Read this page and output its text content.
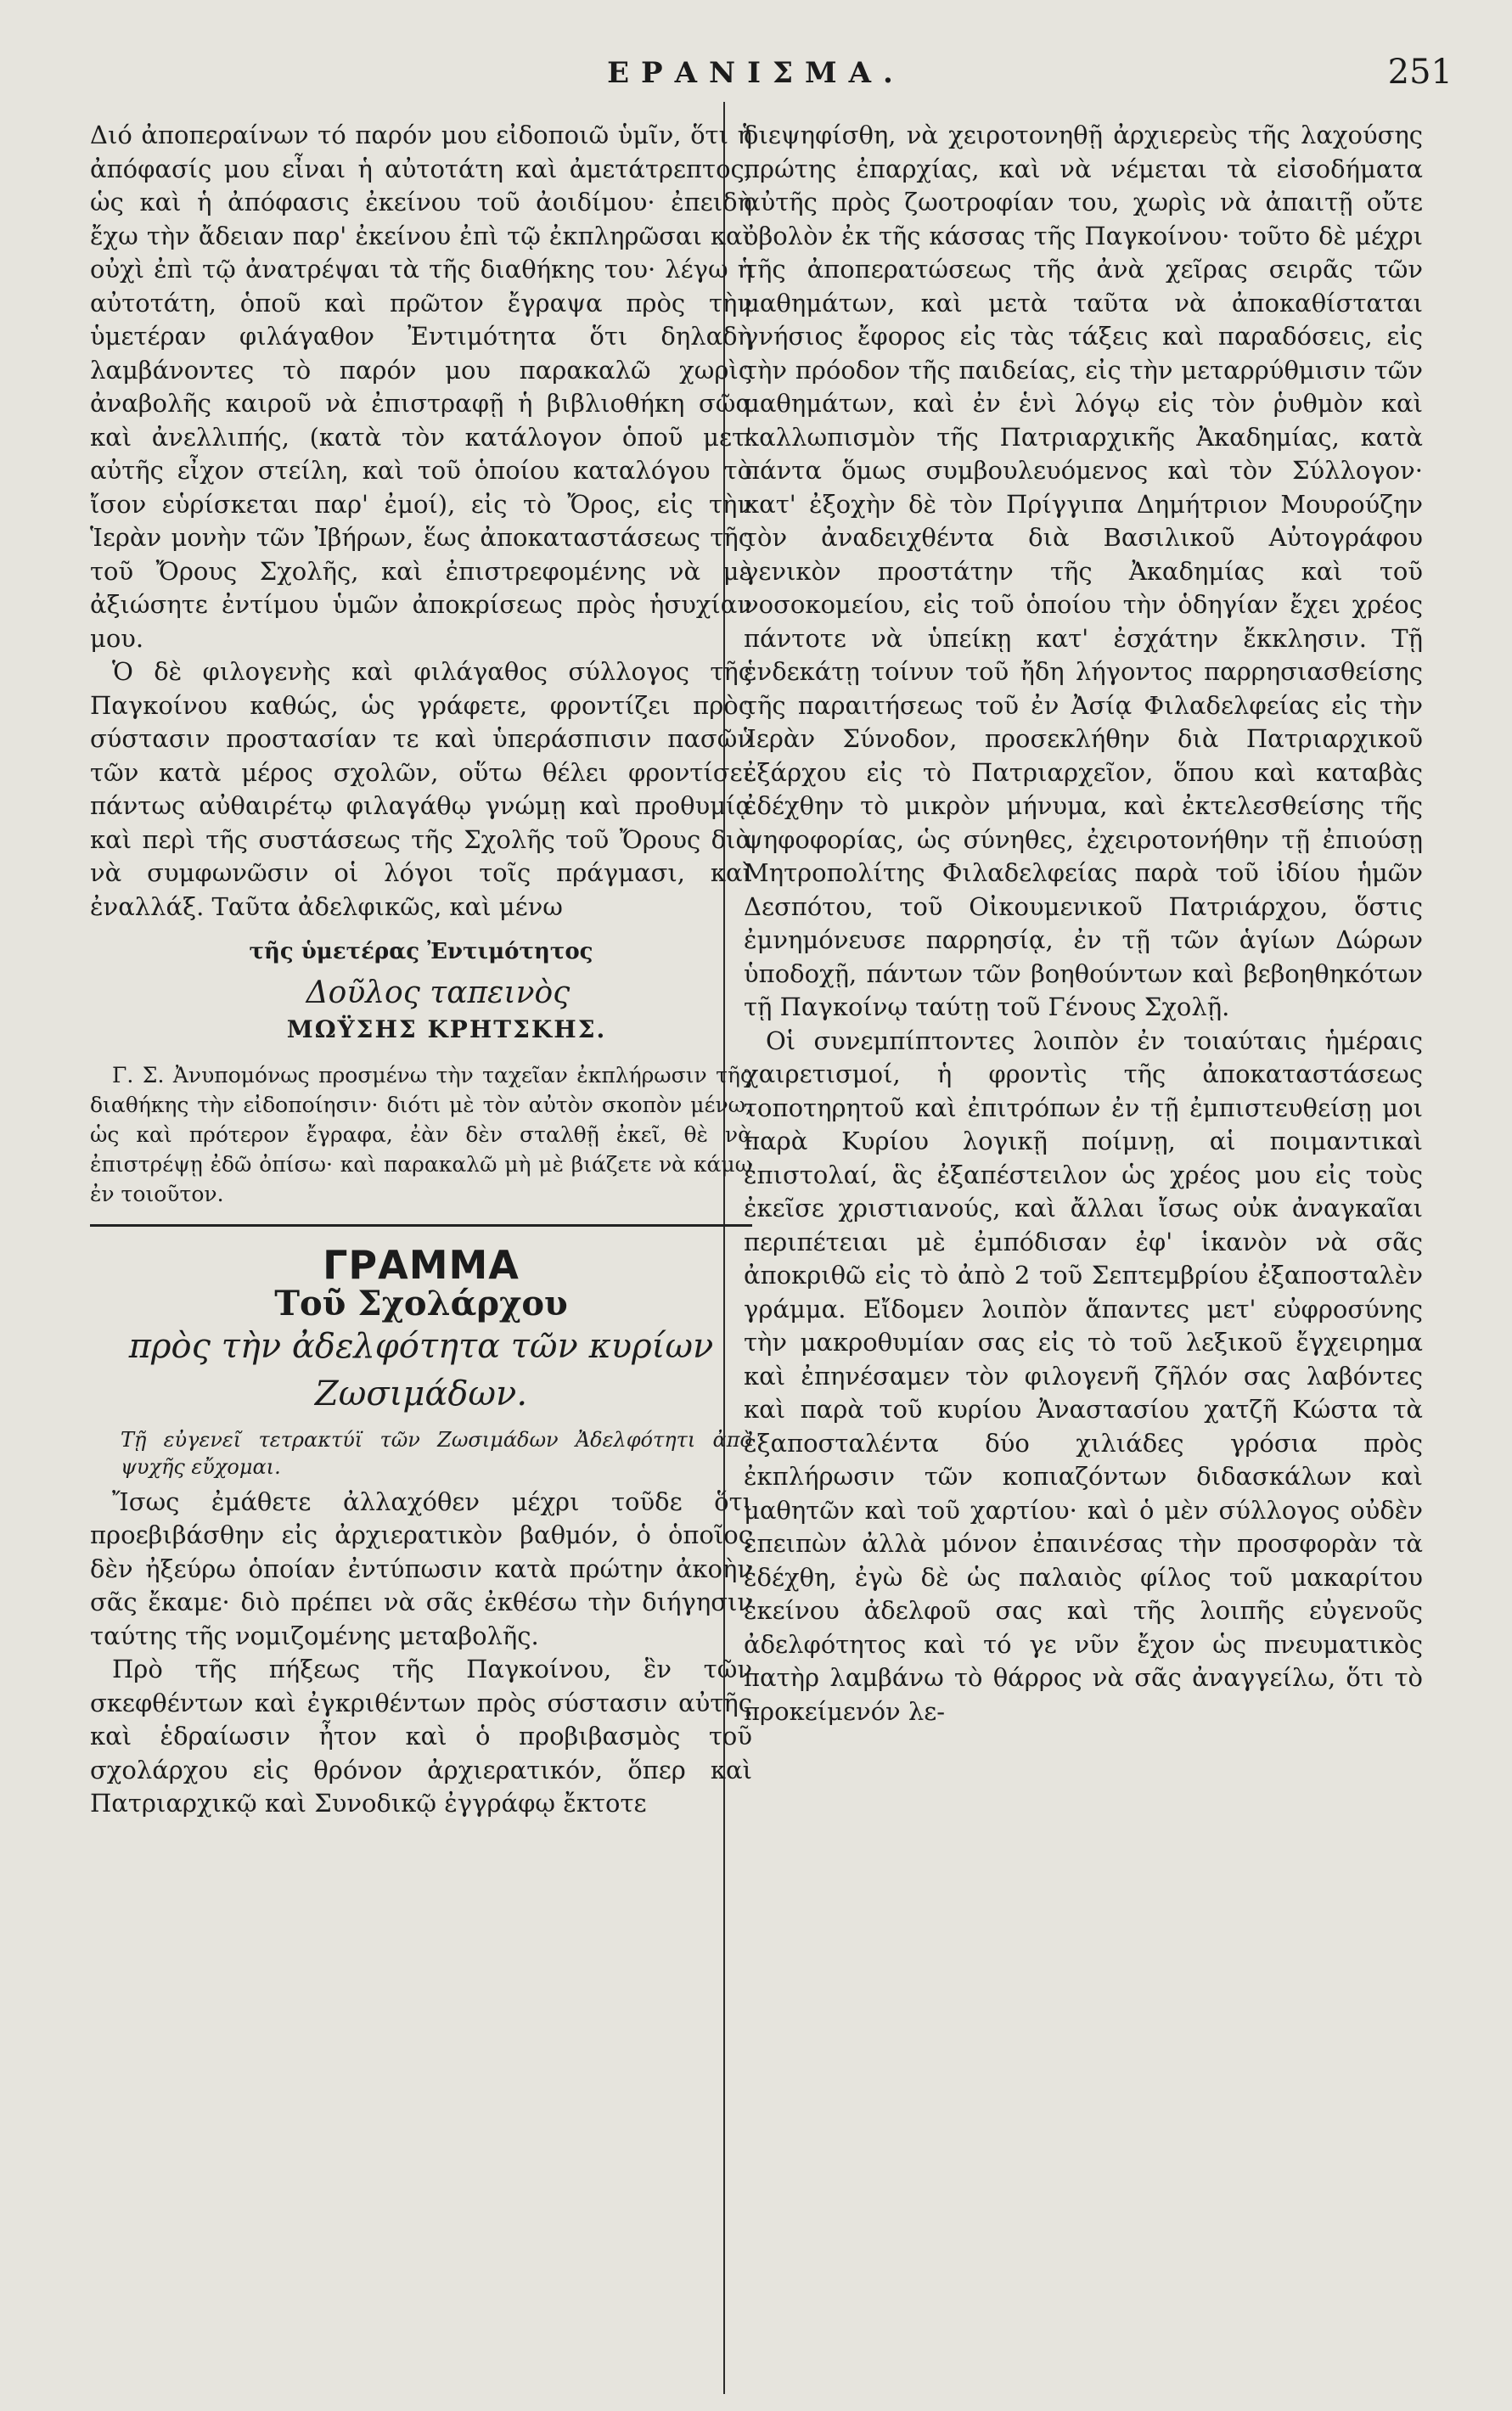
ΕΡΑΝΙΣΜΑ.	251

Διό ἀποπεραίνων τό παρόν μου εἰδοποιῶ ὑμῖν, ὅτι ἡ ἀπόφασίς μου εἶναι ἡ αὐτοτάτη καὶ ἀμετάτρεπτος, ὡς καὶ ἡ ἀπόφασις ἐκείνου τοῦ ἀοιδίμου· ἐπειδὴ ἔχω τὴν ἄδειαν παρ' ἐκείνου ἐπὶ τῷ ἐκπληρῶσαι καὶ οὐχὶ ἐπὶ τῷ ἀνατρέψαι τὰ τῆς διαθήκης του· λέγω ἡ αὐτοτάτη, ὁποῦ καὶ πρῶτον ἔγραψα πρὸς τὴν ὑμετέραν φιλάγαθον Ἐντιμότητα ὅτι δηλαδὴ λαμβάνοντες τὸ παρόν μου παρακαλῶ χωρὶς ἀναβολῆς καιροῦ νὰ ἐπιστραφῇ ἡ βιβλιοθήκη σῶα καὶ ἀνελλιπής, (κατὰ τὸν κατάλογον ὁποῦ μετ' αὐτῆς εἶχον στείλη, καὶ τοῦ ὁποίου καταλόγου τὸ ἴσον εὑρίσκεται παρ' ἐμοί), εἰς τὸ Ὄρος, εἰς τὴν Ἱερὰν μονὴν τῶν Ἰβήρων, ἕως ἀποκαταστάσεως τῆς τοῦ Ὄρους Σχολῆς, καὶ ἐπιστρεφομένης νὰ μὲ ἀξιώσητε ἐντίμου ὑμῶν ἀποκρίσεως πρὸς ἡσυχίαν μου.

Ὁ δὲ φιλογενὴς καὶ φιλάγαθος σύλλογος τῆς Παγκοίνου καθώς, ὡς γράφετε, φροντίζει πρὸς σύστασιν προστασίαν τε καὶ ὑπεράσπισιν πασῶν τῶν κατὰ μέρος σχολῶν, οὕτω θέλει φροντίσει πάντως αὐθαιρέτῳ φιλαγάθῳ γνώμῃ καὶ προθυμίᾳ καὶ περὶ τῆς συστάσεως τῆς Σχολῆς τοῦ Ὄρους διὰ νὰ συμφωνῶσιν οἱ λόγοι τοῖς πράγμασι, καὶ ἐναλλάξ. Ταῦτα ἀδελφικῶς, καὶ μένω

τῆς ὑμετέρας Ἐντιμότητος
Δοῦλος ταπεινὸς
ΜΩΫΣΗΣ ΚΡΗΤΣΚΗΣ.

Γ. Σ. Ἀνυπομόνως προσμένω τὴν ταχεῖαν ἐκπλήρωσιν τῆς διαθήκης τὴν εἰδοποίησιν· διότι μὲ τὸν αὐτὸν σκοπὸν μένω, ὡς καὶ πρότερον ἔγραφα, ἐὰν δὲν σταλθῇ ἐκεῖ, θὲ νὰ ἐπιστρέψῃ ἐδῶ ὀπίσω· καὶ παρακαλῶ μὴ μὲ βιάζετε νὰ κάμω ἐν τοιοῦτον.

ΓΡΑΜΜΑ
Τοῦ Σχολάρχου
πρὸς τὴν ἀδελφότητα τῶν κυρίων
Ζωσιμάδων.

Τῇ εὐγενεῖ τετρακτύϊ τῶν Ζωσιμάδων Ἀδελφότητι ἀπὸ ψυχῆς εὔχομαι.

Ἴσως ἐμάθετε ἀλλαχόθεν μέχρι τοῦδε ὅτι προεβιβάσθην εἰς ἀρχιερατικὸν βαθμόν, ὁ ὁποῖος δὲν ἠξεύρω ὁποίαν ἐντύπωσιν κατὰ πρώτην ἀκοὴν σᾶς ἔκαμε· διὸ πρέπει νὰ σᾶς ἐκθέσω τὴν διήγησιν ταύτης τῆς νομιζομένης μεταβολῆς.

Πρὸ τῆς πήξεως τῆς Παγκοίνου, ἓν τῶν σκεφθέντων καὶ ἐγκριθέντων πρὸς σύστασιν αὐτῆς καὶ ἑδραίωσιν ἦτον καὶ ὁ προβιβασμὸς τοῦ σχολάρχου εἰς θρόνον ἀρχιερατικόν, ὅπερ καὶ Πατριαρχικῷ καὶ Συνοδικῷ ἐγγράφῳ ἔκτοτε

διεψηφίσθη, νὰ χειροτονηθῇ ἀρχιερεὺς τῆς λαχούσης πρώτης ἐπαρχίας, καὶ νὰ νέμεται τὰ εἰσοδήματα αὐτῆς πρὸς ζωοτροφίαν του, χωρὶς νὰ ἀπαιτῇ οὔτε ὀβολὸν ἐκ τῆς κάσσας τῆς Παγκοίνου· τοῦτο δὲ μέχρι τῆς ἀποπερατώσεως τῆς ἀνὰ χεῖρας σειρᾶς τῶν μαθημάτων, καὶ μετὰ ταῦτα νὰ ἀποκαθίσταται γνήσιος ἔφορος εἰς τὰς τάξεις καὶ παραδόσεις, εἰς τὴν πρόοδον τῆς παιδείας, εἰς τὴν μεταρρύθμισιν τῶν μαθημάτων, καὶ ἐν ἑνὶ λόγῳ εἰς τὸν ῥυθμὸν καὶ καλλωπισμὸν τῆς Πατριαρχικῆς Ἀκαδημίας, κατὰ πάντα ὅμως συμβουλευόμενος καὶ τὸν Σύλλογον· κατ' ἐξοχὴν δὲ τὸν Πρίγγιπα Δημήτριον Μουρούζην τὸν ἀναδειχθέντα διὰ Βασιλικοῦ Αὐτογράφου γενικὸν προστάτην τῆς Ἀκαδημίας καὶ τοῦ νοσοκομείου, εἰς τοῦ ὁποίου τὴν ὁδηγίαν ἔχει χρέος πάντοτε νὰ ὑπείκῃ κατ' ἐσχάτην ἔκκλησιν. Τῇ ἑνδεκάτῃ τοίνυν τοῦ ἤδη λήγοντος παρρησιασθείσης τῆς παραιτήσεως τοῦ ἐν Ἀσίᾳ Φιλαδελφείας εἰς τὴν Ἱερὰν Σύνοδον, προσεκλήθην διὰ Πατριαρχικοῦ ἐξάρχου εἰς τὸ Πατριαρχεῖον, ὅπου καὶ καταβὰς ἐδέχθην τὸ μικρὸν μήνυμα, καὶ ἐκτελεσθείσης τῆς ψηφοφορίας, ὡς σύνηθες, ἐχειροτονήθην τῇ ἐπιούσῃ Μητροπολίτης Φιλαδελφείας παρὰ τοῦ ἰδίου ἡμῶν Δεσπότου, τοῦ Οἰκουμενικοῦ Πατριάρχου, ὅστις ἐμνημόνευσε παρρησίᾳ, ἐν τῇ τῶν ἁγίων Δώρων ὑποδοχῇ, πάντων τῶν βοηθούντων καὶ βεβοηθηκότων τῇ Παγκοίνῳ ταύτῃ τοῦ Γένους Σχολῇ.

Οἱ συνεμπίπτοντες λοιπὸν ἐν τοιαύταις ἡμέραις χαιρετισμοί, ἡ φροντὶς τῆς ἀποκαταστάσεως τοποτηρητοῦ καὶ ἐπιτρόπων ἐν τῇ ἐμπιστευθείσῃ μοι παρὰ Κυρίου λογικῇ ποίμνῃ, αἱ ποιμαντικαὶ ἐπιστολαί, ἃς ἐξαπέστειλον ὡς χρέος μου εἰς τοὺς ἐκεῖσε χριστιανούς, καὶ ἄλλαι ἴσως οὐκ ἀναγκαῖαι περιπέτειαι μὲ ἐμπόδισαν ἐφ' ἱκανὸν νὰ σᾶς ἀποκριθῶ εἰς τὸ ἀπὸ 2 τοῦ Σεπτεμβρίου ἐξαποσταλὲν γράμμα. Εἴδομεν λοιπὸν ἅπαντες μετ' εὐφροσύνης τὴν μακροθυμίαν σας εἰς τὸ τοῦ λεξικοῦ ἔγχειρημα καὶ ἐπηνέσαμεν τὸν φιλογενῆ ζῆλόν σας λαβόντες καὶ παρὰ τοῦ κυρίου Ἀναστασίου χατζῆ Κώστα τὰ ἐξαποσταλέντα δύο χιλιάδες γρόσια πρὸς ἐκπλήρωσιν τῶν κοπιαζόντων διδασκάλων καὶ μαθητῶν καὶ τοῦ χαρτίου· καὶ ὁ μὲν σύλλογος οὐδὲν ἐπειπὼν ἀλλὰ μόνον ἐπαινέσας τὴν προσφορὰν τὰ ἐδέχθη, ἐγὼ δὲ ὡς παλαιὸς φίλος τοῦ μακαρίτου ἐκείνου ἀδελφοῦ σας καὶ τῆς λοιπῆς εὐγενοῦς ἀδελφότητος καὶ τό γε νῦν ἔχον ὡς πνευματικὸς πατὴρ λαμβάνω τὸ θάρρος νὰ σᾶς ἀναγγείλω, ὅτι τὸ προκείμενόν λε-
